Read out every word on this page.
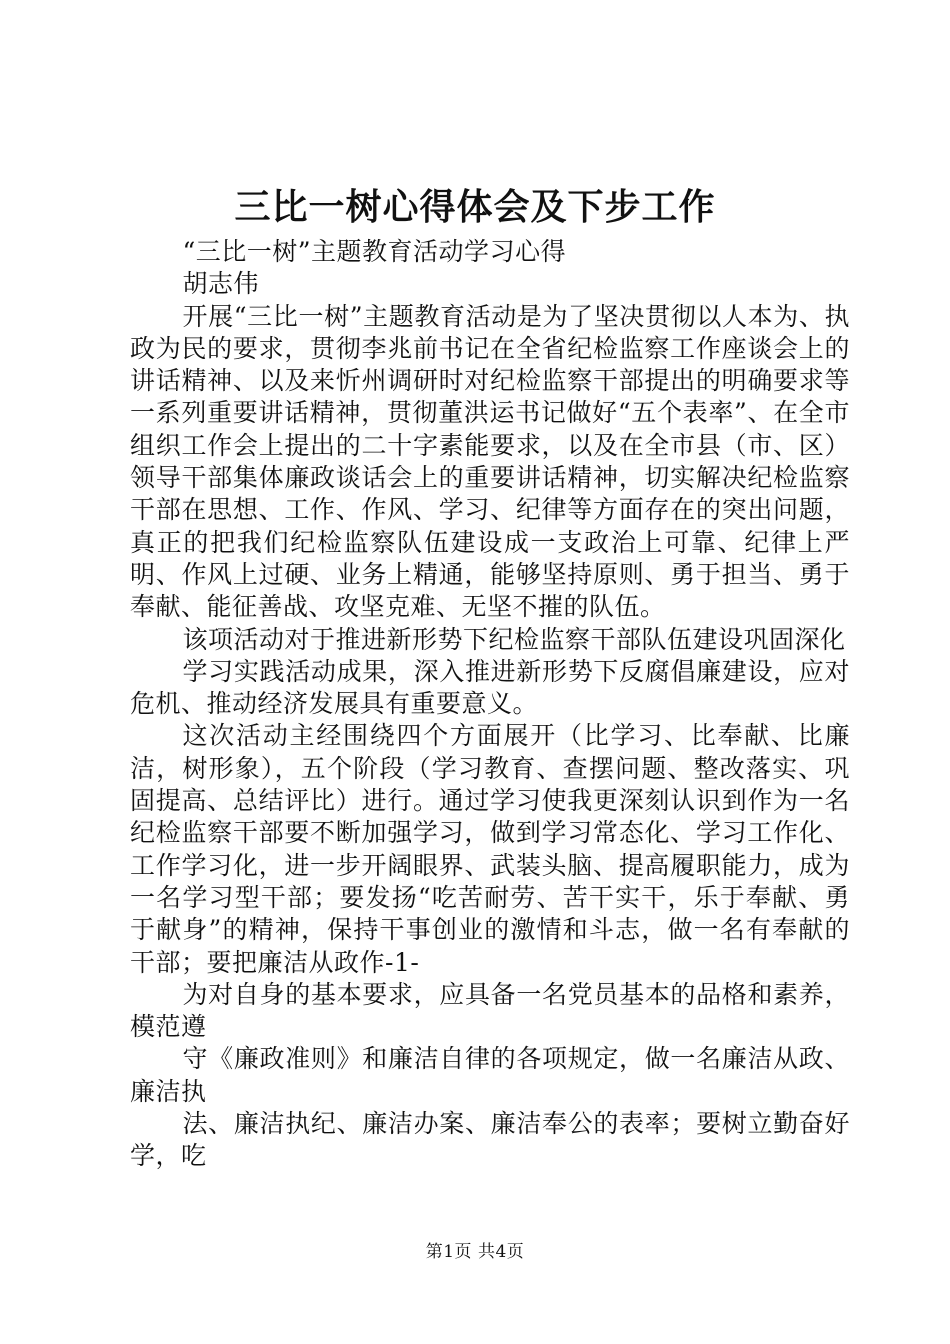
三比一树心得体会及下步工作

“三比一树”主题教育活动学习心得

胡志伟

开展“三比一树”主题教育活动是为了坚决贯彻以人本为、执政为民的要求，贯彻李兆前书记在全省纪检监察工作座谈会上的讲话精神、以及来忻州调研时对纪检监察干部提出的明确要求等一系列重要讲话精神，贯彻董洪运书记做好“五个表率”、在全市组织工作会上提出的二十字素能要求，以及在全市县（市、区）领导干部集体廉政谈话会上的重要讲话精神，切实解决纪检监察干部在思想、工作、作风、学习、纪律等方面存在的突出问题，真正的把我们纪检监察队伍建设成一支政治上可靠、纪律上严明、作风上过硬、业务上精通，能够坚持原则、勇于担当、勇于奉献、能征善战、攻坚克难、无坚不摧的队伍。

该项活动对于推进新形势下纪检监察干部队伍建设巩固深化

学习实践活动成果，深入推进新形势下反腐倡廉建设，应对危机、推动经济发展具有重要意义。

这次活动主经围绕四个方面展开（比学习、比奉献、比廉洁，树形象），五个阶段（学习教育、查摆问题、整改落实、巩固提高、总结评比）进行。通过学习使我更深刻认识到作为一名纪检监察干部要不断加强学习，做到学习常态化、学习工作化、工作学习化，进一步开阔眼界、武装头脑、提高履职能力，成为一名学习型干部；要发扬“吃苦耐劳、苦干实干，乐于奉献、勇于献身”的精神，保持干事创业的激情和斗志，做一名有奉献的干部；要把廉洁从政作-1-

为对自身的基本要求，应具备一名党员基本的品格和素养，模范遵

守《廉政准则》和廉洁自律的各项规定，做一名廉洁从政、廉洁执

法、廉洁执纪、廉洁办案、廉洁奉公的表率；要树立勤奋好学，吃

第1页 共4页
